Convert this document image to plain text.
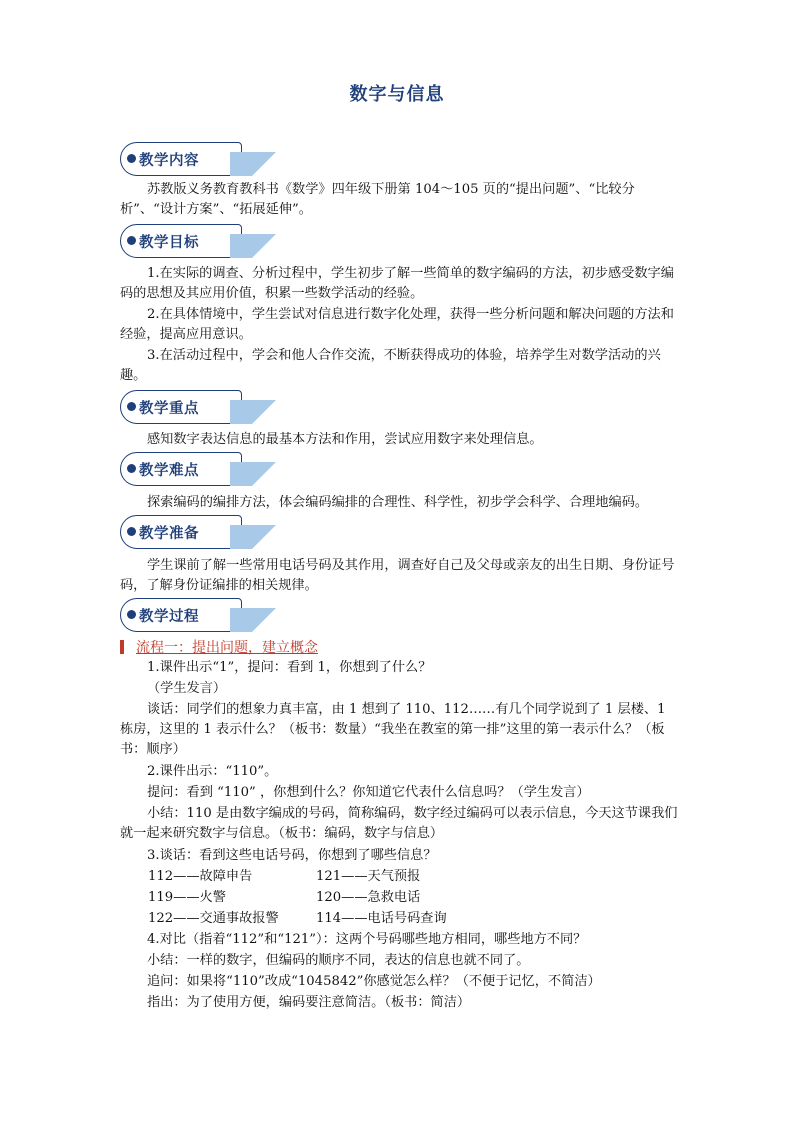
数字与信息
教学内容
苏教版义务教育教科书《数学》四年级下册第 104～105 页的“提出问题”、“比较分析”、“设计方案”、“拓展延伸”。
教学目标
1.在实际的调查、分析过程中，学生初步了解一些简单的数字编码的方法，初步感受数字编码的思想及其应用价值，积累一些数学活动的经验。
2.在具体情境中，学生尝试对信息进行数字化处理，获得一些分析问题和解决问题的方法和经验，提高应用意识。
3.在活动过程中，学会和他人合作交流，不断获得成功的体验，培养学生对数学活动的兴趣。
教学重点
感知数字表达信息的最基本方法和作用，尝试应用数字来处理信息。
教学难点
探索编码的编排方法，体会编码编排的合理性、科学性，初步学会科学、合理地编码。
教学准备
学生课前了解一些常用电话号码及其作用，调查好自己及父母或亲友的出生日期、身份证号码，了解身份证编排的相关规律。
教学过程
流程一：提出问题，建立概念
1.课件出示“1”，提问：看到 1，你想到了什么？
（学生发言）
谈话：同学们的想象力真丰富，由 1 想到了 110、112……有几个同学说到了 1 层楼、1 栋房，这里的 1 表示什么？（板书：数量）“我坐在教室的第一排”这里的第一表示什么？（板书：顺序）
2.课件出示：“110”。
提问：看到 “110” ，你想到什么？你知道它代表什么信息吗？（学生发言）
小结：110 是由数字编成的号码，简称编码，数字经过编码可以表示信息，今天这节课我们就一起来研究数字与信息。（板书：编码，数字与信息）
3.谈话：看到这些电话号码，你想到了哪些信息？
112——故障申告	121——天气预报
119——火警	120——急救电话
122——交通事故报警	114——电话号码查询
4.对比（指着“112”和“121”）：这两个号码哪些地方相同，哪些地方不同？
小结：一样的数字，但编码的顺序不同，表达的信息也就不同了。
追问：如果将“110”改成“1045842”你感觉怎么样？（不便于记忆，不简洁）
指出：为了使用方便，编码要注意简洁。（板书：简洁）
